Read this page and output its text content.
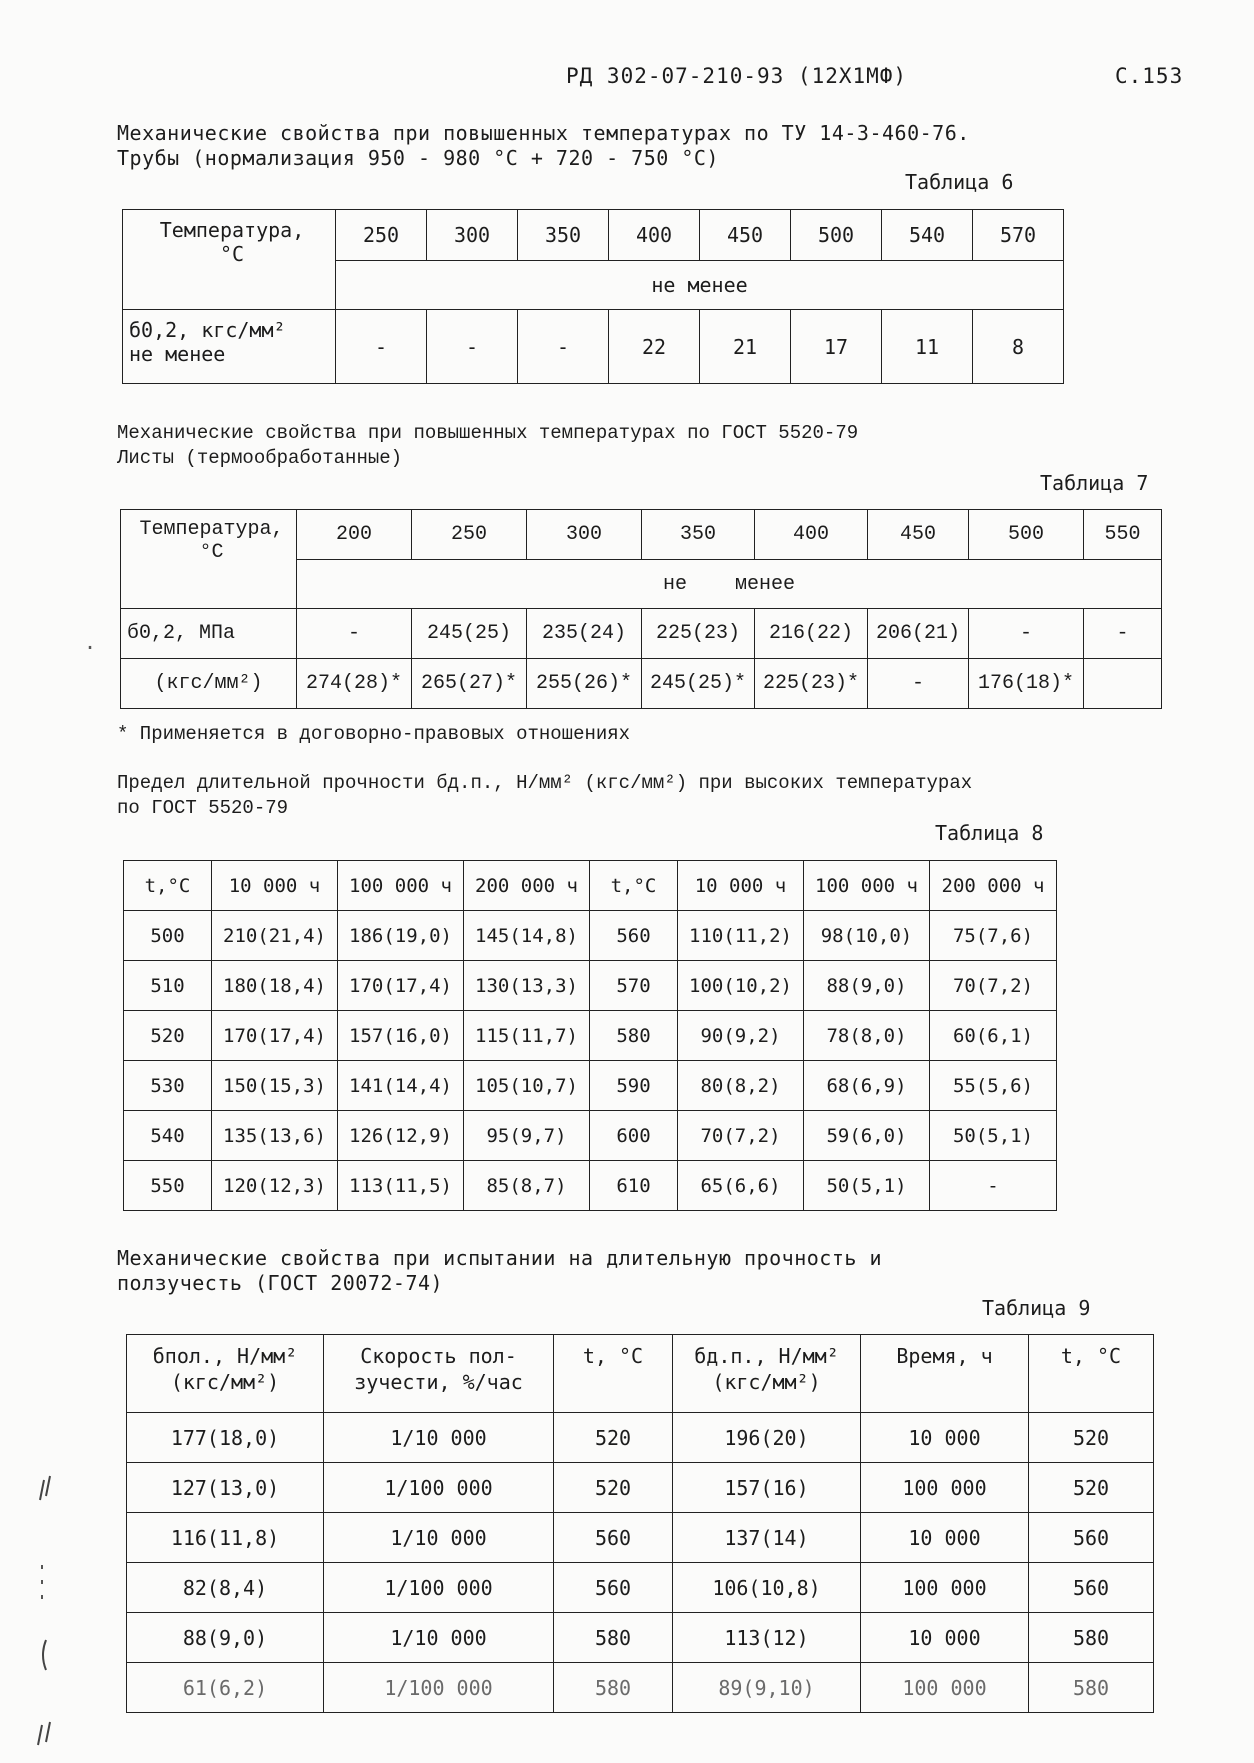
РД 302-07-210-93 (12Х1МФ)	С.153
Механические свойства при повышенных температурах по ТУ 14-3-460-76.
Трубы (нормализация 950 - 980 °С + 720 - 750 °С)
Таблица 6
Температура,
°С	250	300	350	400	450	500	540	570
	не менее							
б0,2, кгс/мм²
не менее	-	-	-	22	21	17	11	8
Механические свойства при повышенных температурах по ГОСТ 5520-79
Листы (термообработанные)
Таблица 7
.
Температура,
°С	200	250	300	350	400	450	500	550
	не    менее							
б0,2, МПа	-	245(25)	235(24)	225(23)	216(22)	206(21)	-	-
(кгс/мм²)	274(28)*	265(27)*	255(26)*	245(25)*	225(23)*	-	176(18)*	
* Применяется в договорно-правовых отношениях
Предел длительной прочности бд.п., Н/мм² (кгс/мм²) при высоких температурах
по ГОСТ 5520-79
Таблица 8
t,°С	10 000 ч	100 000 ч	200 000 ч	t,°С	10 000 ч	100 000 ч	200 000 ч
500	210(21,4)	186(19,0)	145(14,8)	560	110(11,2)	98(10,0)	75(7,6)
510	180(18,4)	170(17,4)	130(13,3)	570	100(10,2)	88(9,0)	70(7,2)
520	170(17,4)	157(16,0)	115(11,7)	580	90(9,2)	78(8,0)	60(6,1)
530	150(15,3)	141(14,4)	105(10,7)	590	80(8,2)	68(6,9)	55(5,6)
540	135(13,6)	126(12,9)	95(9,7)	600	70(7,2)	59(6,0)	50(5,1)
550	120(12,3)	113(11,5)	85(8,7)	610	65(6,6)	50(5,1)	-
Механические свойства при испытании на длительную прочность и
ползучесть (ГОСТ 20072-74)
Таблица 9
бпол., Н/мм²
(кгс/мм²)	Скорость пол-
зучести, %/час	t, °С	бд.п., Н/мм²
(кгс/мм²)	Время, ч	t, °С
177(18,0)	1/10 000	520	196(20)	10 000	520
127(13,0)	1/100 000	520	157(16)	100 000	520
116(11,8)	1/10 000	560	137(14)	10 000	560
82(8,4)	1/100 000	560	106(10,8)	100 000	560
88(9,0)	1/10 000	580	113(12)	10 000	580
61(6,2)	1/100 000	580	89(9,10)	100 000	580
